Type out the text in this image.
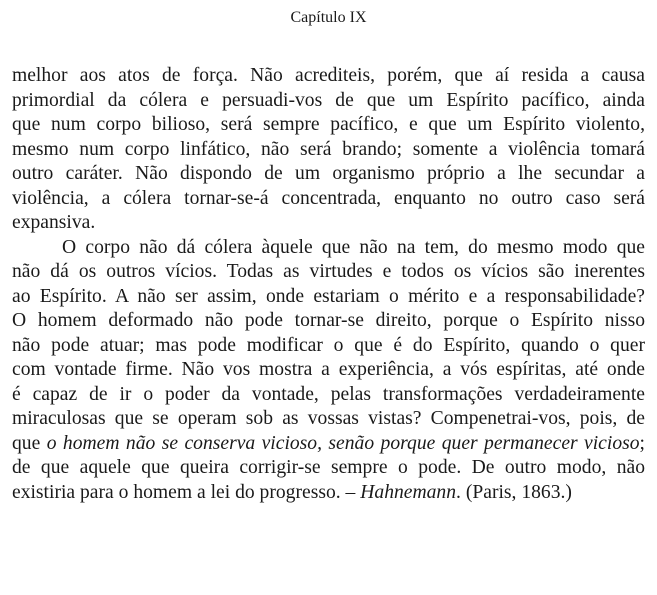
Capítulo IX
melhor aos atos de força. Não acrediteis, porém, que aí resida a causa
primordial da cólera e persuadi-vos de que um Espírito pacífico, ainda
que num corpo bilioso, será sempre pacífico, e que um Espírito violento,
mesmo num corpo linfático, não será brando; somente a violência tomará
outro caráter. Não dispondo de um organismo próprio a lhe secundar a
violência, a cólera tornar-se-á concentrada, enquanto no outro caso será
expansiva.
O corpo não dá cólera àquele que não na tem, do mesmo modo que
não dá os outros vícios. Todas as virtudes e todos os vícios são inerentes
ao Espírito. A não ser assim, onde estariam o mérito e a responsabilidade?
O homem deformado não pode tornar-se direito, porque o Espírito nisso
não pode atuar; mas pode modificar o que é do Espírito, quando o quer
com vontade firme. Não vos mostra a experiência, a vós espíritas, até onde
é capaz de ir o poder da vontade, pelas transformações verdadeiramente
miraculosas que se operam sob as vossas vistas? Compenetrai-vos, pois, de
que o homem não se conserva vicioso, senão porque quer permanecer vicioso;
de que aquele que queira corrigir-se sempre o pode. De outro modo, não
existiria para o homem a lei do progresso. – Hahnemann. (Paris, 1863.)
